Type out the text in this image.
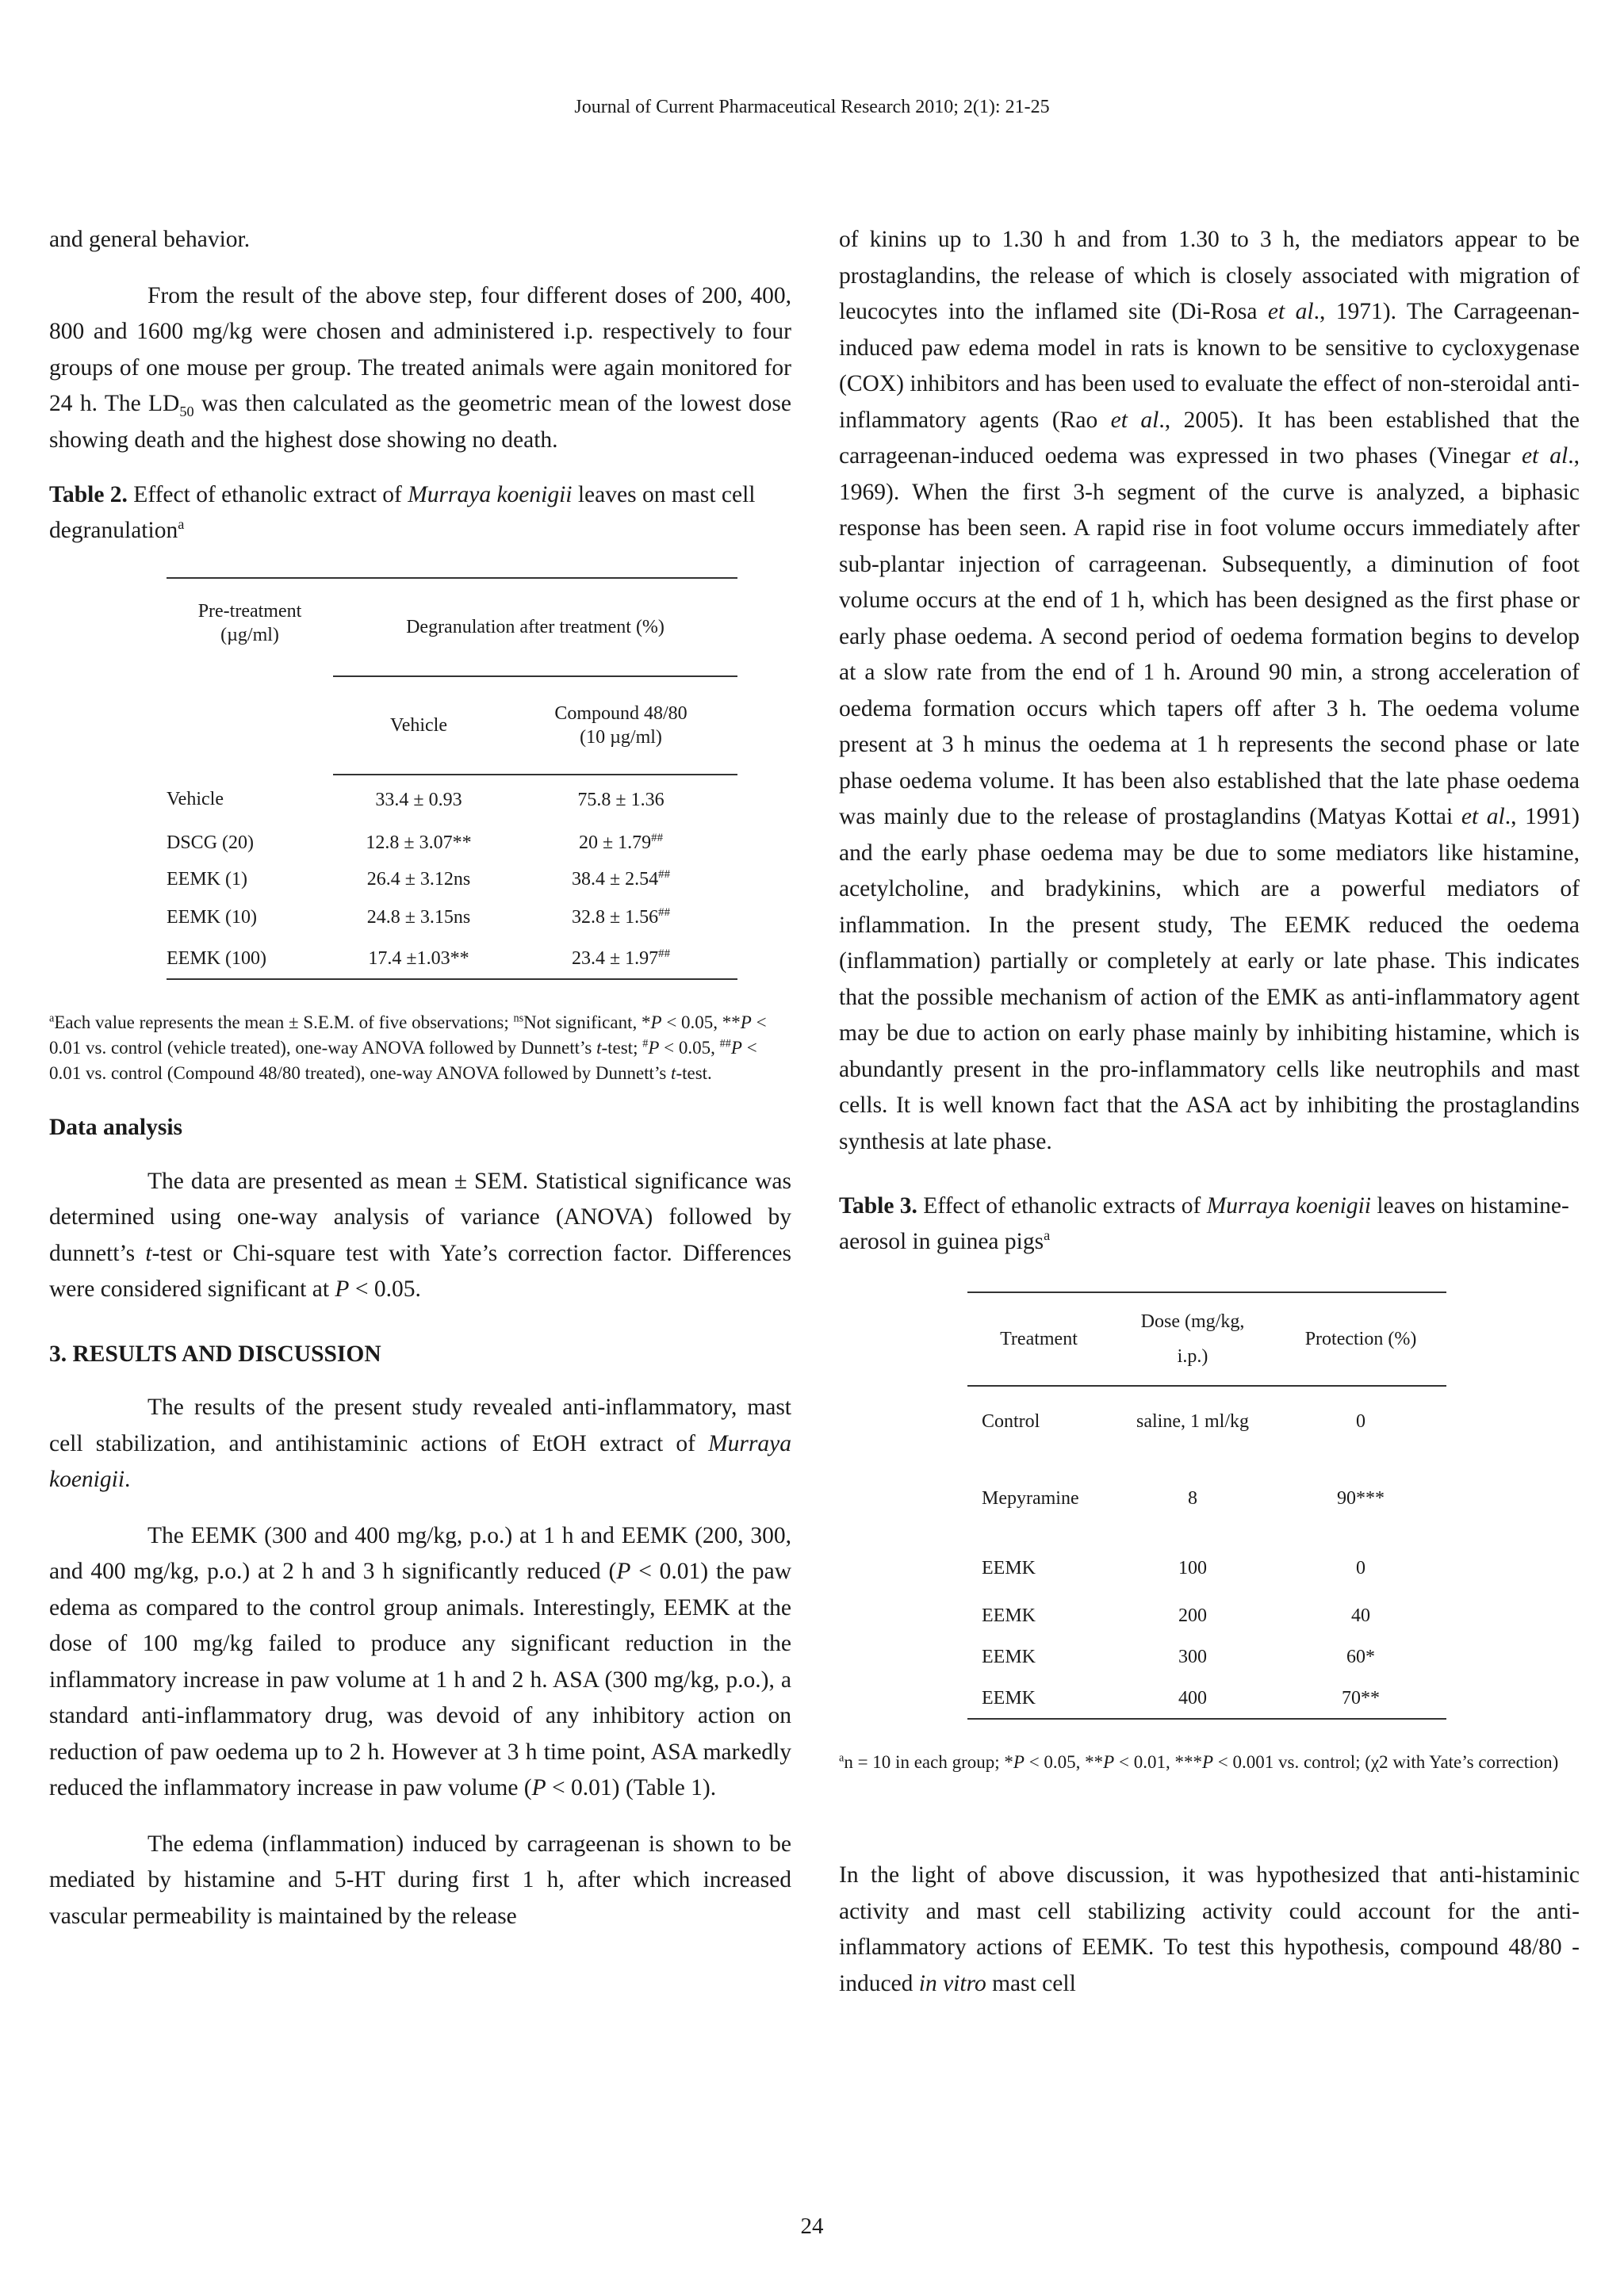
Journal of Current Pharmaceutical Research 2010; 2(1): 21-25

and general behavior.

From the result of the above step, four different doses of 200, 400, 800 and 1600 mg/kg were chosen and administered i.p. respectively to four groups of one mouse per group. The treated animals were again monitored for 24 h. The $LD_{50}$ was then calculated as the geometric mean of the lowest dose showing death and the highest dose showing no death.

Table 2. Effect of ethanolic extract of Murraya koenigii leaves on mast cell degranulation$^a$

Pre-treatment
(µg/ml)	Degranulation after treatment (%)	
	Vehicle	Compound 48/80
(10 µg/ml)

Vehicle	33.4 ± 0.93	75.8 ± 1.36
DSCG (20)	12.8 ± 3.07**	20 ± 1.79##
EEMK (1)	26.4 ± 3.12ns	38.4 ± 2.54##
EEMK (10)	24.8 ± 3.15ns	32.8 ± 1.56##
EEMK (100)	17.4 ±1.03**	23.4 ± 1.97##

$^a$Each value represents the mean ± S.E.M. of five observations; $^{ns}$Not significant, *P < 0.05, **P < 0.01 vs. control (vehicle treated), one-way ANOVA followed by Dunnett’s t-test; #P < 0.05, ##P < 0.01 vs. control (Compound 48/80 treated), one-way ANOVA followed by Dunnett’s t-test.

Data analysis

The data are presented as mean ± SEM. Statistical significance was determined using one-way analysis of variance (ANOVA) followed by dunnett’s t-test or Chi-square test with Yate’s correction factor. Differences were considered significant at P < 0.05.

3. RESULTS AND DISCUSSION

The results of the present study revealed anti-inflammatory, mast cell stabilization, and antihistaminic actions of EtOH extract of Murraya koenigii.

The EEMK (300 and 400 mg/kg, p.o.) at 1 h and EEMK (200, 300, and 400 mg/kg, p.o.) at 2 h and 3 h significantly reduced (P < 0.01) the paw edema as compared to the control group animals. Interestingly, EEMK at the dose of 100 mg/kg failed to produce any significant reduction in the inflammatory increase in paw volume at 1 h and 2 h. ASA (300 mg/kg, p.o.), a standard anti-inflammatory drug, was devoid of any inhibitory action on reduction of paw oedema up to 2 h. However at 3 h time point, ASA markedly reduced the inflammatory increase in paw volume (P < 0.01) (Table 1).

The edema (inflammation) induced by carrageenan is shown to be mediated by histamine and 5-HT during first 1 h, after which increased vascular permeability is maintained by the release

of kinins up to 1.30 h and from 1.30 to 3 h, the mediators appear to be prostaglandins, the release of which is closely associated with migration of leucocytes into the inflamed site (Di-Rosa et al., 1971). The Carrageenan-induced paw edema model in rats is known to be sensitive to cycloxygenase (COX) inhibitors and has been used to evaluate the effect of non-steroidal anti-inflammatory agents (Rao et al., 2005). It has been established that the carrageenan-induced oedema was expressed in two phases (Vinegar et al., 1969). When the first 3-h segment of the curve is analyzed, a biphasic response has been seen. A rapid rise in foot volume occurs immediately after sub-plantar injection of carrageenan. Subsequently, a diminution of foot volume occurs at the end of 1 h, which has been designed as the first phase or early phase oedema. A second period of oedema formation begins to develop at a slow rate from the end of 1 h. Around 90 min, a strong acceleration of oedema formation occurs which tapers off after 3 h. The oedema volume present at 3 h minus the oedema at 1 h represents the second phase or late phase oedema volume. It has been also established that the late phase oedema was mainly due to the release of prostaglandins (Matyas Kottai et al., 1991) and the early phase oedema may be due to some mediators like histamine, acetylcholine, and bradykinins, which are a powerful mediators of inflammation. In the present study, The EEMK reduced the oedema (inflammation) partially or completely at early or late phase. This indicates that the possible mechanism of action of the EMK as anti-inflammatory agent may be due to action on early phase mainly by inhibiting histamine, which is abundantly present in the pro-inflammatory cells like neutrophils and mast cells. It is well known fact that the ASA act by inhibiting the prostaglandins synthesis at late phase.

Table 3. Effect of ethanolic extracts of Murraya koenigii leaves on histamine-aerosol in guinea pigs$^a$

Treatment	Dose (mg/kg,
i.p.)	Protection (%)
Control	saline, 1 ml/kg	0
Mepyramine	8	90***
EEMK	100	0
EEMK	200	40
EEMK	300	60*
EEMK	400	70**

$^a$n = 10 in each group; *P < 0.05, **P < 0.01, ***P < 0.001 vs. control; (χ2 with Yate’s correction)

In the light of above discussion, it was hypothesized that anti-histaminic activity and mast cell stabilizing activity could account for the anti-inflammatory actions of EEMK. To test this hypothesis, compound 48/80 - induced in vitro mast cell

24
